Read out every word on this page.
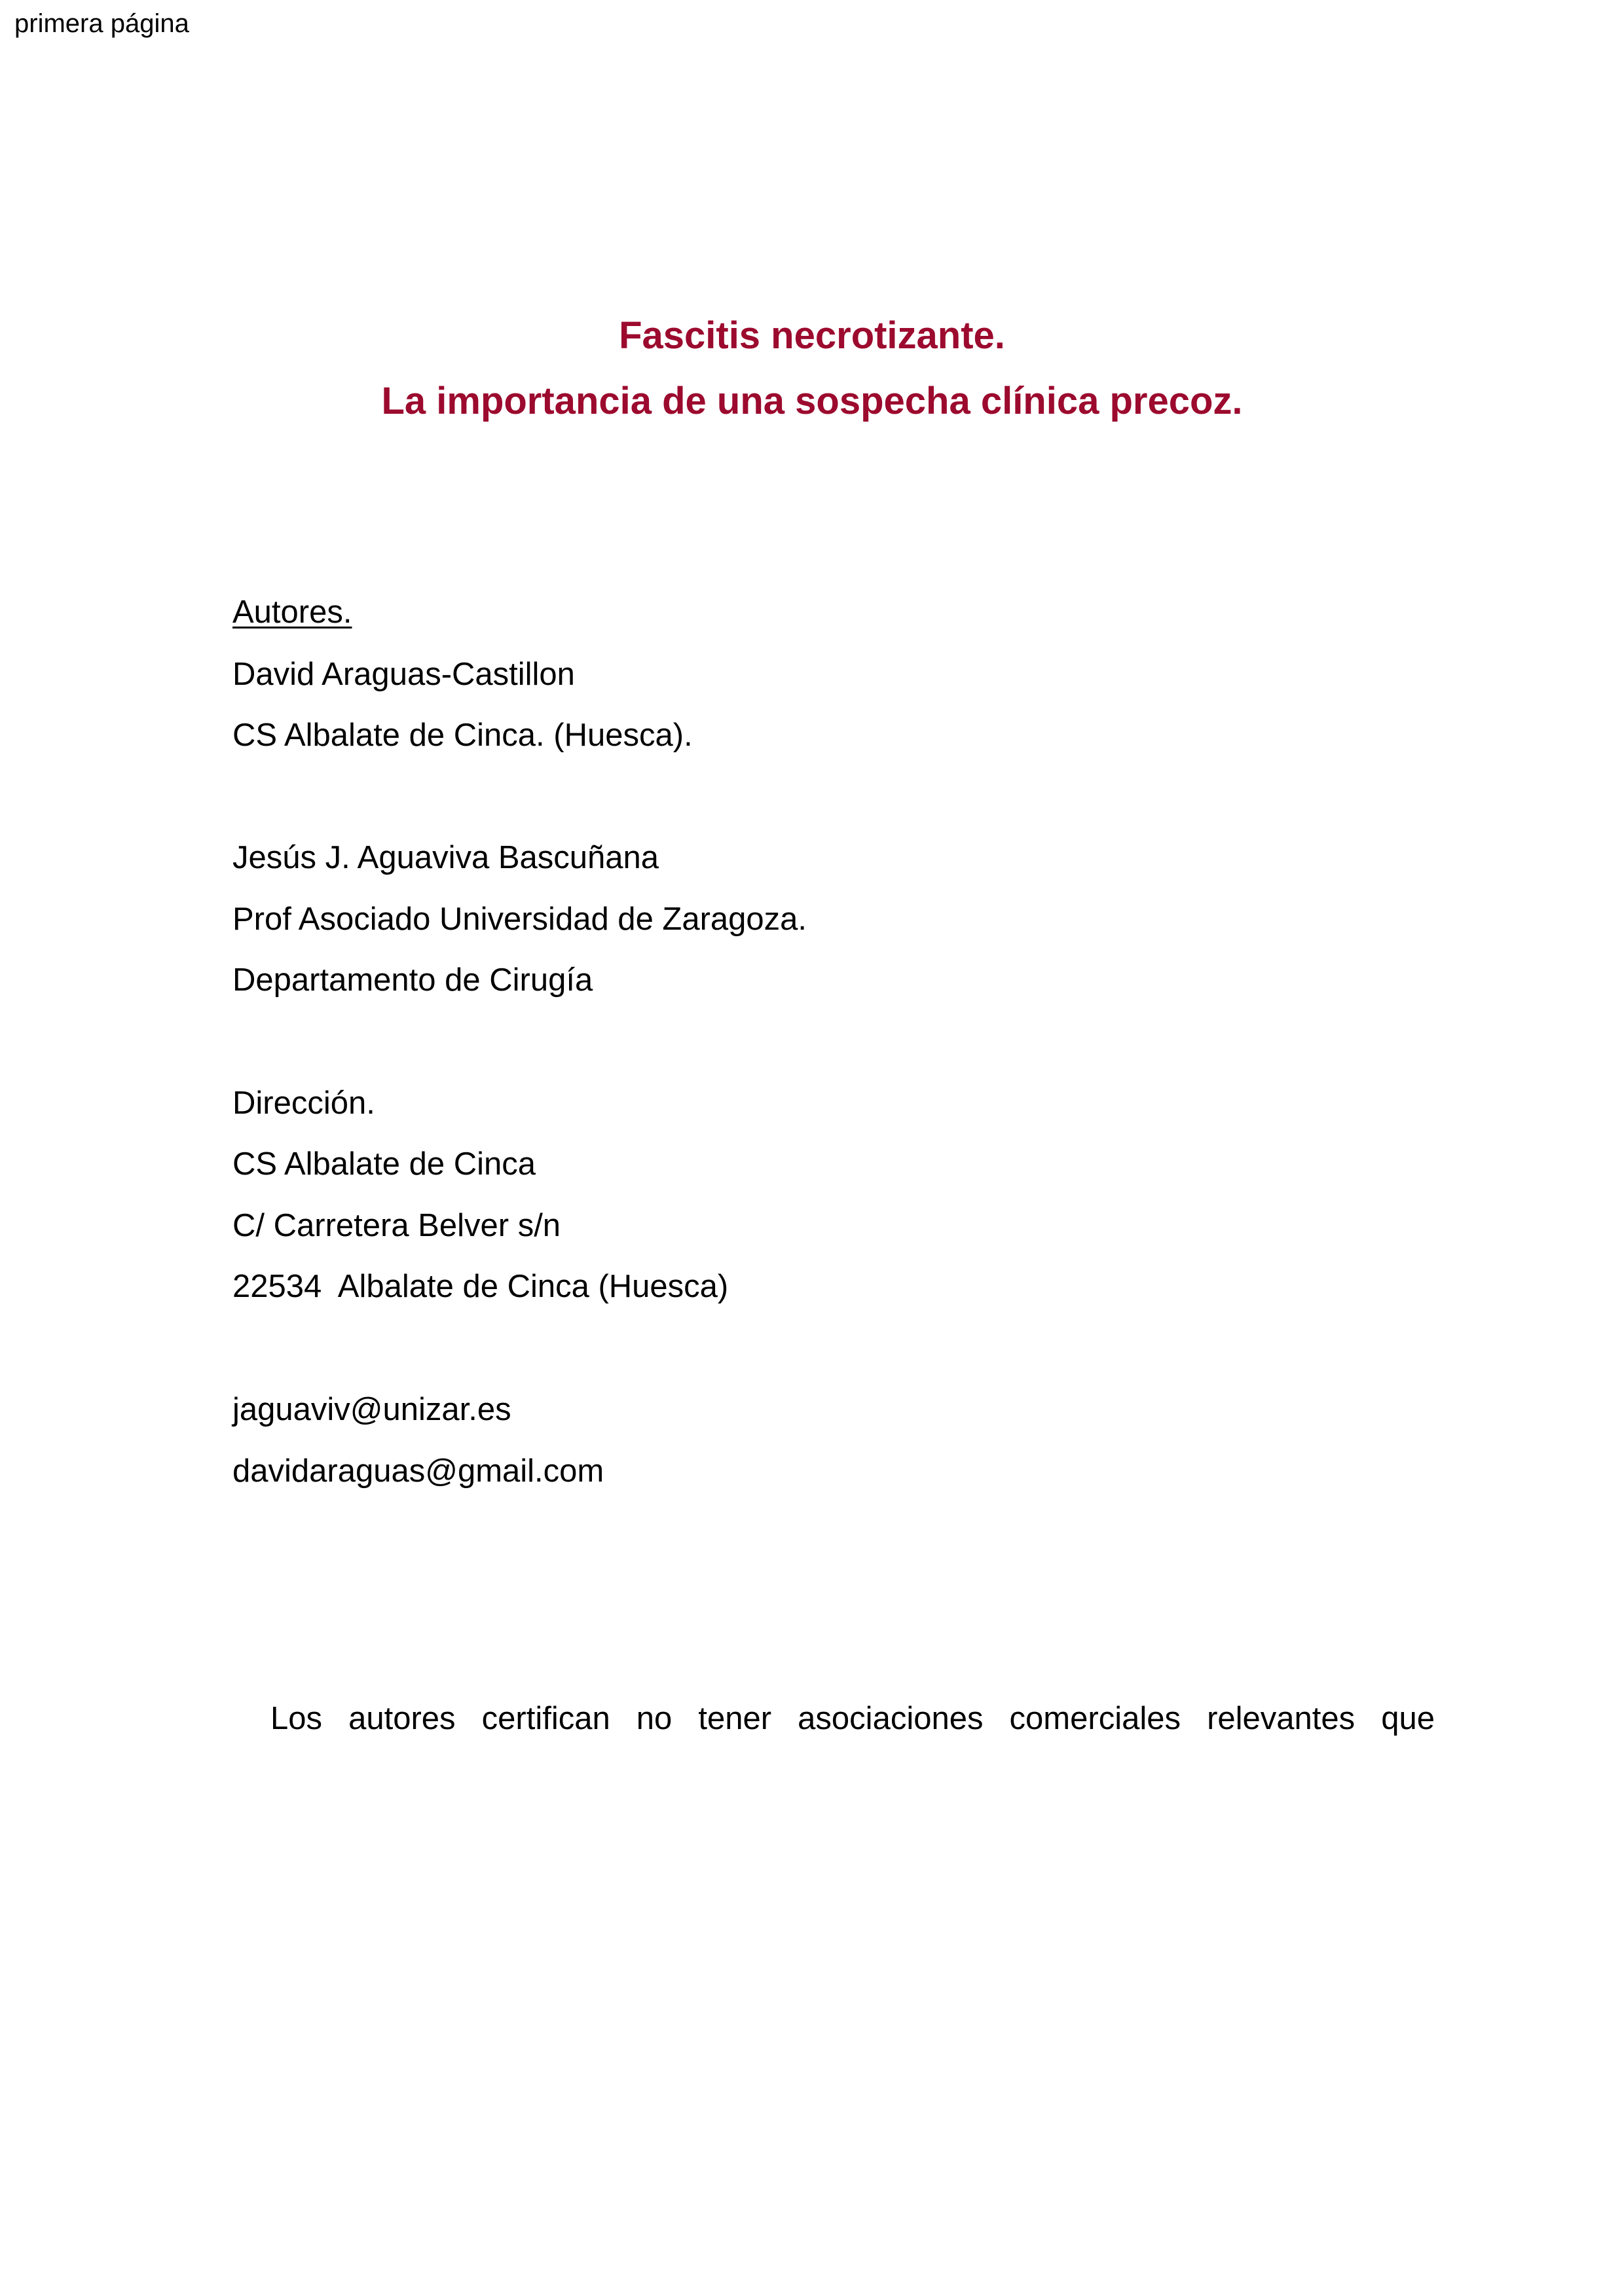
primera página
Fascitis necrotizante.
La importancia de una sospecha clínica precoz.
Autores.
David Araguas-Castillon
CS Albalate de Cinca. (Huesca).
Jesús J. Aguaviva Bascuñana
Prof Asociado Universidad de Zaragoza.
Departamento de Cirugía
Dirección.
CS Albalate de Cinca
C/ Carretera Belver s/n
22534  Albalate de Cinca (Huesca)
jaguaviv@unizar.es
davidaraguas@gmail.com
Los autores certifican no tener asociaciones comerciales relevantes que
